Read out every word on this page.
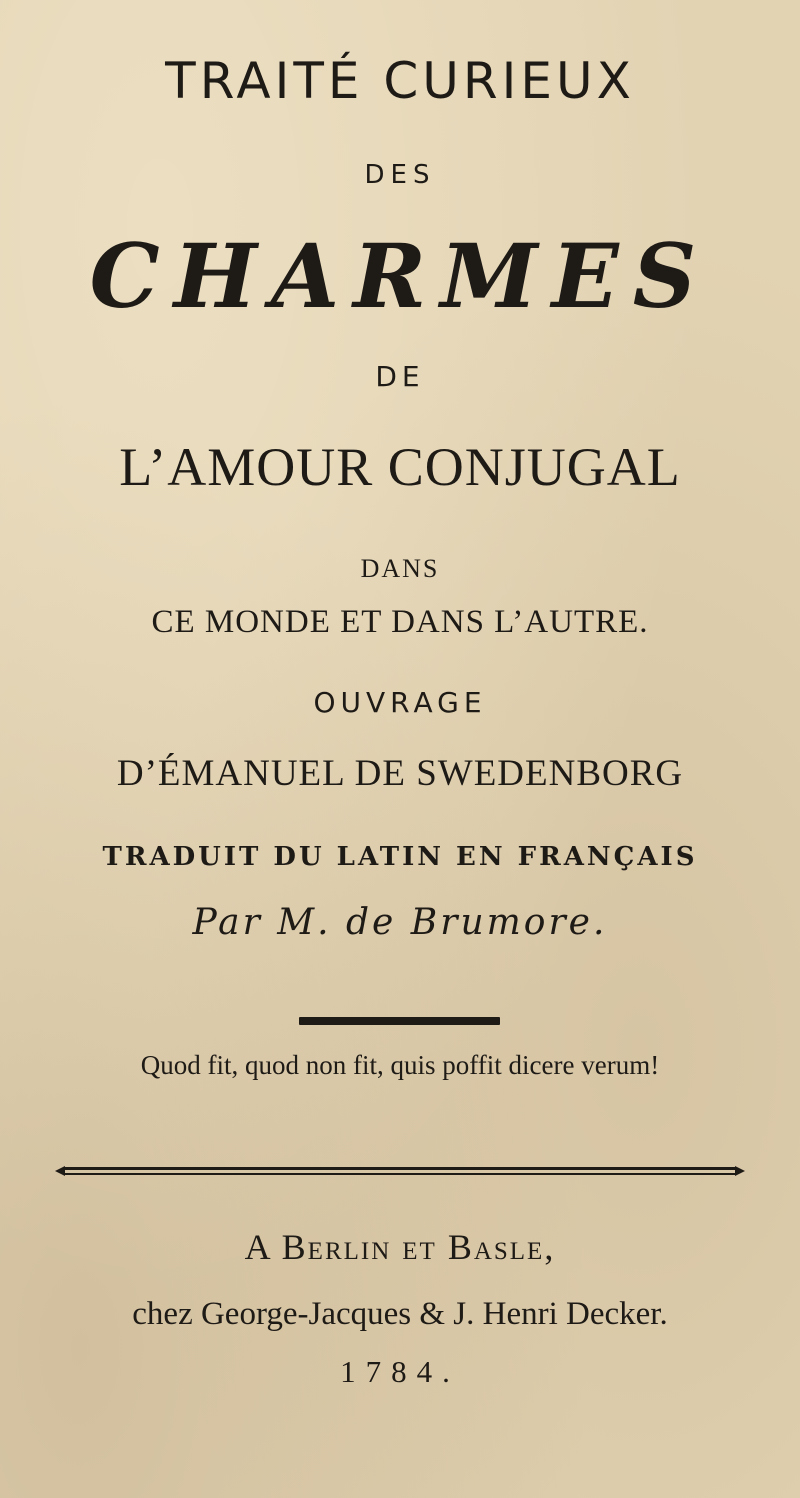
TRAITÉ CURIEUX

DES

CHARMES

DE

L’AMOUR CONJUGAL

DANS

CE MONDE ET DANS L’AUTRE.

OUVRAGE

D’ÉMANUEL DE SWEDENBORG

TRADUIT DU LATIN EN FRANÇAIS

Par M. de Brumore.

Quod fit, quod non fit, quis poffit dicere verum!

A Berlin et Basle,

chez George-Jacques & J. Henri Decker.

1784.
